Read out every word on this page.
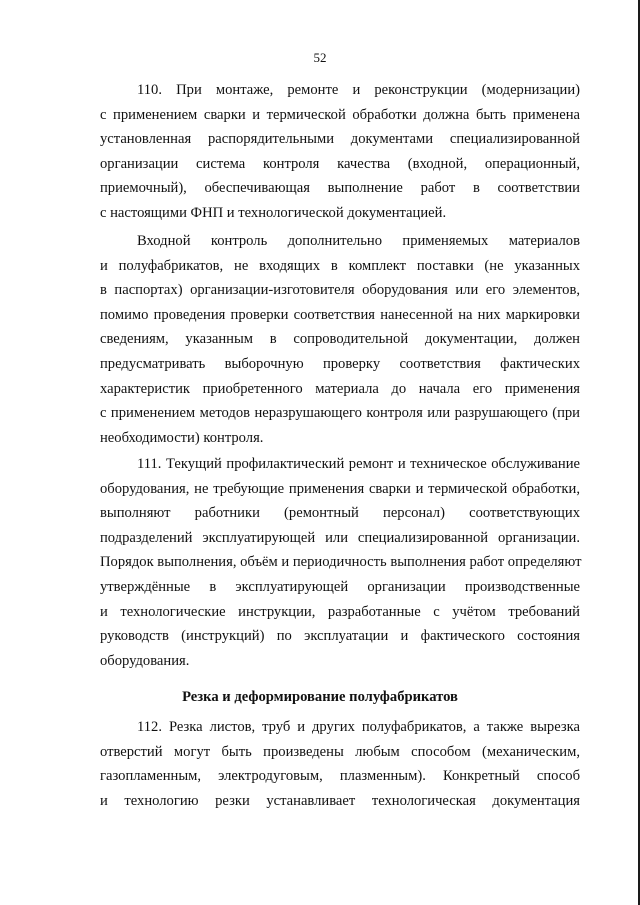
52
110. При монтаже, ремонте и реконструкции (модернизации)
с применением сварки и термической обработки должна быть применена
установленная распорядительными документами специализированной
организации система контроля качества (входной, операционный,
приемочный), обеспечивающая выполнение работ в соответствии
с настоящими ФНП и технологической документацией.
Входной контроль дополнительно применяемых материалов
и полуфабрикатов, не входящих в комплект поставки (не указанных
в паспортах) организации-изготовителя оборудования или его элементов,
помимо проведения проверки соответствия нанесенной на них маркировки
сведениям, указанным в сопроводительной документации, должен
предусматривать выборочную проверку соответствия фактических
характеристик приобретенного материала до начала его применения
с применением методов неразрушающего контроля или разрушающего (при
необходимости) контроля.
111. Текущий профилактический ремонт и техническое обслуживание
оборудования, не требующие применения сварки и термической обработки,
выполняют работники (ремонтный персонал) соответствующих
подразделений эксплуатирующей или специализированной организации.
Порядок выполнения, объём и периодичность выполнения работ определяют
утверждённые в эксплуатирующей организации производственные
и технологические инструкции, разработанные с учётом требований
руководств (инструкций) по эксплуатации и фактического состояния
оборудования.
Резка и деформирование полуфабрикатов
112. Резка листов, труб и других полуфабрикатов, а также вырезка
отверстий могут быть произведены любым способом (механическим,
газопламенным, электродуговым, плазменным). Конкретный способ
и технологию резки устанавливает технологическая документация
